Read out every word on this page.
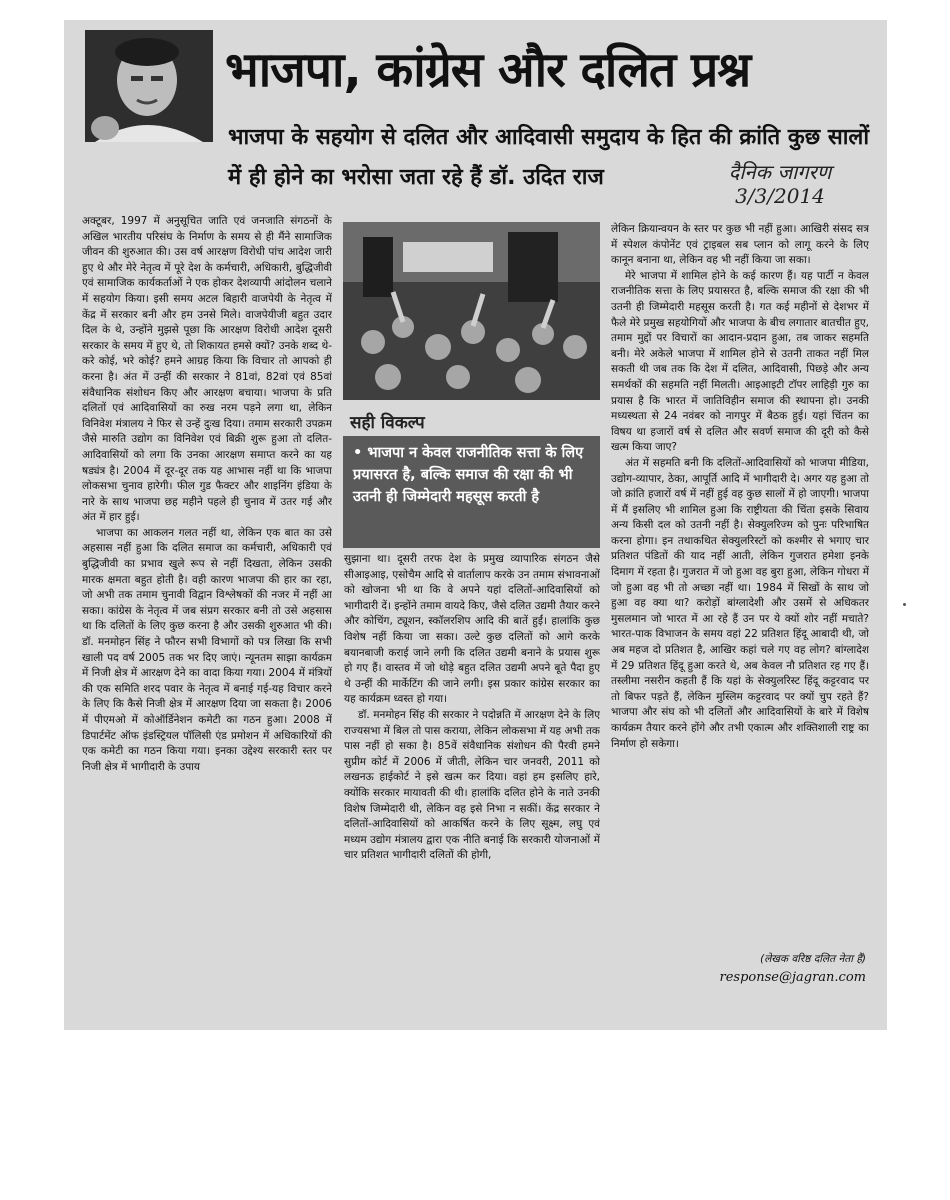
भाजपा, कांग्रेस और दलित प्रश्न
भाजपा के सहयोग से दलित और आदिवासी समुदाय के हित की क्रांति कुछ सालों में ही होने का भरोसा जता रहे हैं डॉ. उदित राज	दैनिक जागरण
3/3/2014

अक्टूबर, 1997 में अनुसूचित जाति एवं जनजाति संगठनों के अखिल भारतीय परिसंघ के निर्माण के समय से ही मैंने सामाजिक जीवन की शुरुआत की। उस वर्ष आरक्षण विरोधी पांच आदेश जारी हुए थे और मेरे नेतृत्व में पूरे देश के कर्मचारी, अधिकारी, बुद्धिजीवी एवं सामाजिक कार्यकर्ताओं ने एक होकर देशव्यापी आंदोलन चलाने में सहयोग किया। इसी समय अटल बिहारी वाजपेयी के नेतृत्व में केंद्र में सरकार बनी और हम उनसे मिले। वाजपेयीजी बहुत उदार दिल के थे, उन्होंने मुझसे पूछा कि आरक्षण विरोधी आदेश दूसरी सरकार के समय में हुए थे, तो शिकायत हमसे क्यों? उनके शब्द थे-करे कोई, भरे कोई? हमने आग्रह किया कि विचार तो आपको ही करना है। अंत में उन्हीं की सरकार ने 81वां, 82वां एवं 85वां संवैधानिक संशोधन किए और आरक्षण बचाया। भाजपा के प्रति दलितों एवं आदिवासियों का रुख नरम पड़ने लगा था, लेकिन विनिवेश मंत्रालय ने फिर से उन्हें दुःख दिया। तमाम सरकारी उपक्रम जैसे मारुति उद्योग का विनिवेश एवं बिक्री शुरू हुआ तो दलित-आदिवासियों को लगा कि उनका आरक्षण समाप्त करने का यह षड्यंत्र है। 2004 में दूर-दूर तक यह आभास नहीं था कि भाजपा लोकसभा चुनाव हारेगी। फील गुड फैक्टर और शाइनिंग इंडिया के नारे के साथ भाजपा छह महीने पहले ही चुनाव में उतर गई और अंत में हार हुई।

भाजपा का आकलन गलत नहीं था, लेकिन एक बात का उसे अहसास नहीं हुआ कि दलित समाज का कर्मचारी, अधिकारी एवं बुद्धिजीवी का प्रभाव खुले रूप से नहीं दिखता, लेकिन उसकी मारक क्षमता बहुत होती है। वही कारण भाजपा की हार का रहा, जो अभी तक तमाम चुनावी विद्वान विश्लेषकों की नजर में नहीं आ सका। कांग्रेस के नेतृत्व में जब संप्रग सरकार बनी तो उसे अहसास था कि दलितों के लिए कुछ करना है और उसकी शुरुआत भी की। डॉ. मनमोहन सिंह ने फौरन सभी विभागों को पत्र लिखा कि सभी खाली पद वर्ष 2005 तक भर दिए जाएं। न्यूनतम साझा कार्यक्रम में निजी क्षेत्र में आरक्षण देने का वादा किया गया। 2004 में मंत्रियों की एक समिति शरद पवार के नेतृत्व में बनाई गई-यह विचार करने के लिए कि कैसे निजी क्षेत्र में आरक्षण दिया जा सकता है। 2006 में पीएमओ में कोऑर्डिनेशन कमेटी का गठन हुआ। 2008 में डिपार्टमेंट ऑफ इंडस्ट्रियल पॉलिसी एंड प्रमोशन में अधिकारियों की एक कमेटी का गठन किया गया। इनका उद्देश्य सरकारी स्तर पर निजी क्षेत्र में भागीदारी के उपाय

सही विकल्प
• भाजपा न केवल राजनीतिक सत्ता के लिए प्रयासरत है, बल्कि समाज की रक्षा की भी उतनी ही जिम्मेदारी महसूस करती है

सुझाना था। दूसरी तरफ देश के प्रमुख व्यापारिक संगठन जैसे सीआइआइ, एसोचैम आदि से वार्तालाप करके उन तमाम संभावनाओं को खोजना भी था कि वे अपने यहां दलितों-आदिवासियों को भागीदारी दें। इन्होंने तमाम वायदे किए, जैसे दलित उद्यमी तैयार करने और कोचिंग, ट्यूशन, स्कॉलरशिप आदि की बातें हुईं। हालांकि कुछ विशेष नहीं किया जा सका। उल्टे कुछ दलितों को आगे करके बयानबाजी कराई जाने लगी कि दलित उद्यमी बनाने के प्रयास शुरू हो गए हैं। वास्तव में जो थोड़े बहुत दलित उद्यमी अपने बूते पैदा हुए थे उन्हीं की मार्केटिंग की जाने लगी। इस प्रकार कांग्रेस सरकार का यह कार्यक्रम ध्वस्त हो गया।

डॉ. मनमोहन सिंह की सरकार ने पदोन्नति में आरक्षण देने के लिए राज्यसभा में बिल तो पास कराया, लेकिन लोकसभा में यह अभी तक पास नहीं हो सका है। 85वें संवैधानिक संशोधन की पैरवी हमने सुप्रीम कोर्ट में 2006 में जीती, लेकिन चार जनवरी, 2011 को लखनऊ हाईकोर्ट ने इसे खत्म कर दिया। वहां हम इसलिए हारे, क्योंकि सरकार मायावती की थी। हालांकि दलित होने के नाते उनकी विशेष जिम्मेदारी थी, लेकिन वह इसे निभा न सकीं। केंद्र सरकार ने दलितों-आदिवासियों को आकर्षित करने के लिए सूक्ष्म, लघु एवं मध्यम उद्योग मंत्रालय द्वारा एक नीति बनाई कि सरकारी योजनाओं में चार प्रतिशत भागीदारी दलितों की होगी,

लेकिन क्रियान्वयन के स्तर पर कुछ भी नहीं हुआ। आखिरी संसद सत्र में स्पेशल कंपोनेंट एवं ट्राइबल सब प्लान को लागू करने के लिए कानून बनाना था, लेकिन वह भी नहीं किया जा सका।

मेरे भाजपा में शामिल होने के कई कारण हैं। यह पार्टी न केवल राजनीतिक सत्ता के लिए प्रयासरत है, बल्कि समाज की रक्षा की भी उतनी ही जिम्मेदारी महसूस करती है। गत कई महीनों से देशभर में फैले मेरे प्रमुख सहयोगियों और भाजपा के बीच लगातार बातचीत हुए, तमाम मुद्दों पर विचारों का आदान-प्रदान हुआ, तब जाकर सहमति बनी। मेरे अकेले भाजपा में शामिल होने से उतनी ताकत नहीं मिल सकती थी जब तक कि देश में दलित, आदिवासी, पिछड़े और अन्य समर्थकों की सहमति नहीं मिलती। आइआइटी टॉपर लाहिड़ी गुरु का प्रयास है कि भारत में जातिविहीन समाज की स्थापना हो। उनकी मध्यस्थता से 24 नवंबर को नागपुर में बैठक हुई। यहां चिंतन का विषय था हजारों वर्ष से दलित और सवर्ण समाज की दूरी को कैसे खत्म किया जाए?

अंत में सहमति बनी कि दलितों-आदिवासियों को भाजपा मीडिया, उद्योग-व्यापार, ठेका, आपूर्ति आदि में भागीदारी दे। अगर यह हुआ तो जो क्रांति हजारों वर्ष में नहीं हुई वह कुछ सालों में हो जाएगी। भाजपा में मैं इसलिए भी शामिल हुआ कि राष्ट्रीयता की चिंता इसके सिवाय अन्य किसी दल को उतनी नहीं है। सेक्युलरिज्म को पुनः परिभाषित करना होगा। इन तथाकथित सेक्युलरिस्टों को कश्मीर से भगाए चार प्रतिशत पंडितों की याद नहीं आती, लेकिन गुजरात हमेशा इनके दिमाग में रहता है। गुजरात में जो हुआ वह बुरा हुआ, लेकिन गोधरा में जो हुआ वह भी तो अच्छा नहीं था। 1984 में सिखों के साथ जो हुआ वह क्या था? करोड़ों बांग्लादेशी और उसमें से अधिकतर मुसलमान जो भारत में आ रहे हैं उन पर ये क्यों शोर नहीं मचाते? भारत-पाक विभाजन के समय वहां 22 प्रतिशत हिंदू आबादी थी, जो अब महज दो प्रतिशत है, आखिर कहां चले गए वह लोग? बांग्लादेश में 29 प्रतिशत हिंदू हुआ करते थे, अब केवल नौ प्रतिशत रह गए हैं। तस्लीमा नसरीन कहती हैं कि यहां के सेक्युलरिस्ट हिंदू कट्टरवाद पर तो बिफर पड़ते हैं, लेकिन मुस्लिम कट्टरवाद पर क्यों चुप रहते हैं? भाजपा और संघ को भी दलितों और आदिवासियों के बारे में विशेष कार्यक्रम तैयार करने होंगे और तभी एकात्म और शक्तिशाली राष्ट्र का निर्माण हो सकेगा।

(लेखक वरिष्ठ दलित नेता हैं)
response@jagran.com
